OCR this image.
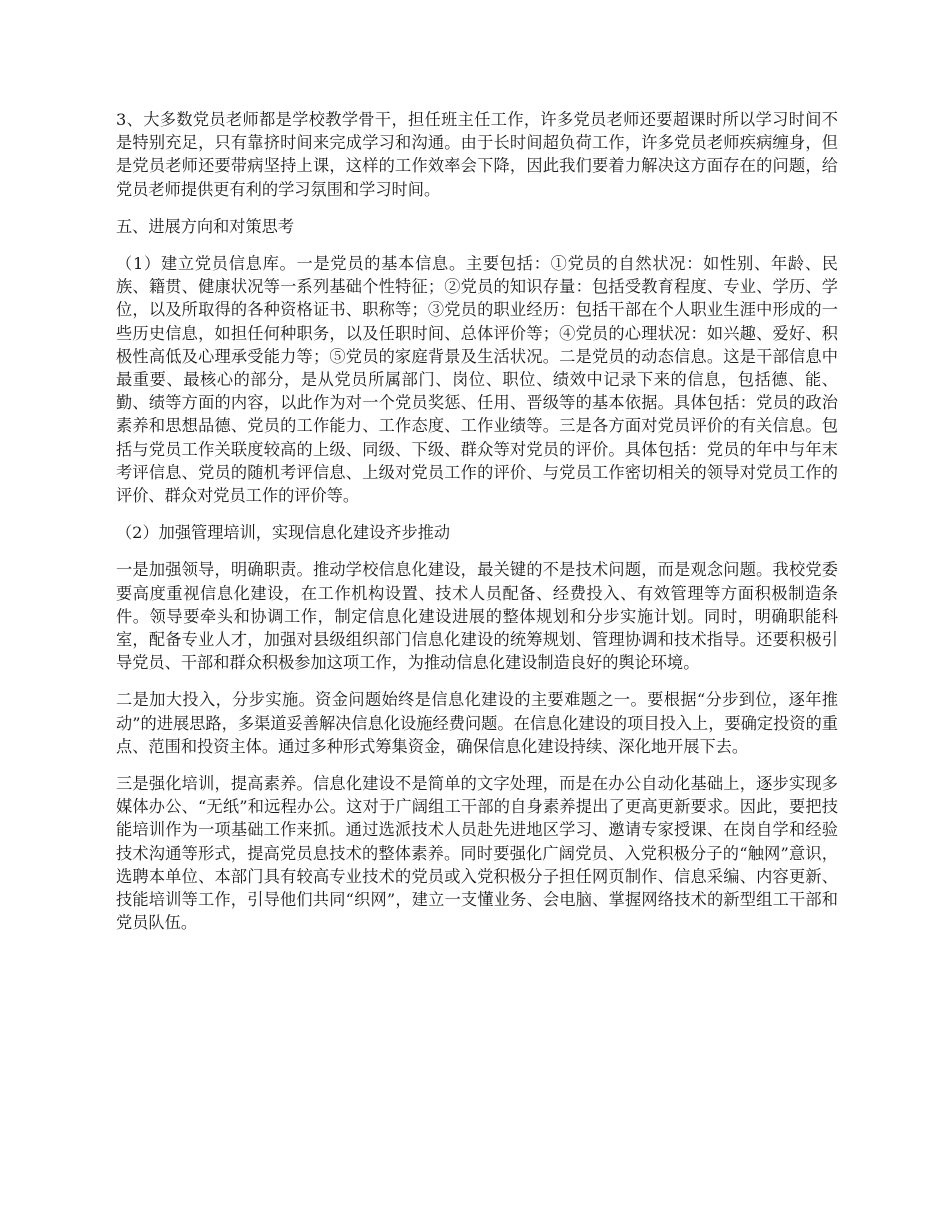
3、大多数党员老师都是学校教学骨干，担任班主任工作，许多党员老师还要超课时所以学习时间不是特别充足，只有靠挤时间来完成学习和沟通。由于长时间超负荷工作，许多党员老师疾病缠身，但是党员老师还要带病坚持上课，这样的工作效率会下降，因此我们要着力解决这方面存在的问题，给党员老师提供更有利的学习氛围和学习时间。

五、进展方向和对策思考

（1）建立党员信息库。一是党员的基本信息。主要包括：①党员的自然状况：如性别、年龄、民族、籍贯、健康状况等一系列基础个性特征；②党员的知识存量：包括受教育程度、专业、学历、学位，以及所取得的各种资格证书、职称等；③党员的职业经历：包括干部在个人职业生涯中形成的一些历史信息，如担任何种职务，以及任职时间、总体评价等；④党员的心理状况：如兴趣、爱好、积极性高低及心理承受能力等；⑤党员的家庭背景及生活状况。二是党员的动态信息。这是干部信息中最重要、最核心的部分，是从党员所属部门、岗位、职位、绩效中记录下来的信息，包括德、能、勤、绩等方面的内容，以此作为对一个党员奖惩、任用、晋级等的基本依据。具体包括：党员的政治素养和思想品德、党员的工作能力、工作态度、工作业绩等。三是各方面对党员评价的有关信息。包括与党员工作关联度较高的上级、同级、下级、群众等对党员的评价。具体包括：党员的年中与年末考评信息、党员的随机考评信息、上级对党员工作的评价、与党员工作密切相关的领导对党员工作的评价、群众对党员工作的评价等。

（2）加强管理培训，实现信息化建设齐步推动

一是加强领导，明确职责。推动学校信息化建设，最关键的不是技术问题，而是观念问题。我校党委要高度重视信息化建设，在工作机构设置、技术人员配备、经费投入、有效管理等方面积极制造条件。领导要牵头和协调工作，制定信息化建设进展的整体规划和分步实施计划。同时，明确职能科室，配备专业人才，加强对县级组织部门信息化建设的统筹规划、管理协调和技术指导。还要积极引导党员、干部和群众积极参加这项工作，为推动信息化建设制造良好的舆论环境。

二是加大投入，分步实施。资金问题始终是信息化建设的主要难题之一。要根据“分步到位，逐年推动”的进展思路，多渠道妥善解决信息化设施经费问题。在信息化建设的项目投入上，要确定投资的重点、范围和投资主体。通过多种形式筹集资金，确保信息化建设持续、深化地开展下去。

三是强化培训，提高素养。信息化建设不是简单的文字处理，而是在办公自动化基础上，逐步实现多媒体办公、“无纸”和远程办公。这对于广阔组工干部的自身素养提出了更高更新要求。因此，要把技能培训作为一项基础工作来抓。通过选派技术人员赴先进地区学习、邀请专家授课、在岗自学和经验技术沟通等形式，提高党员息技术的整体素养。同时要强化广阔党员、入党积极分子的“触网”意识，选聘本单位、本部门具有较高专业技术的党员或入党积极分子担任网页制作、信息采编、内容更新、技能培训等工作，引导他们共同“织网”，建立一支懂业务、会电脑、掌握网络技术的新型组工干部和党员队伍。
